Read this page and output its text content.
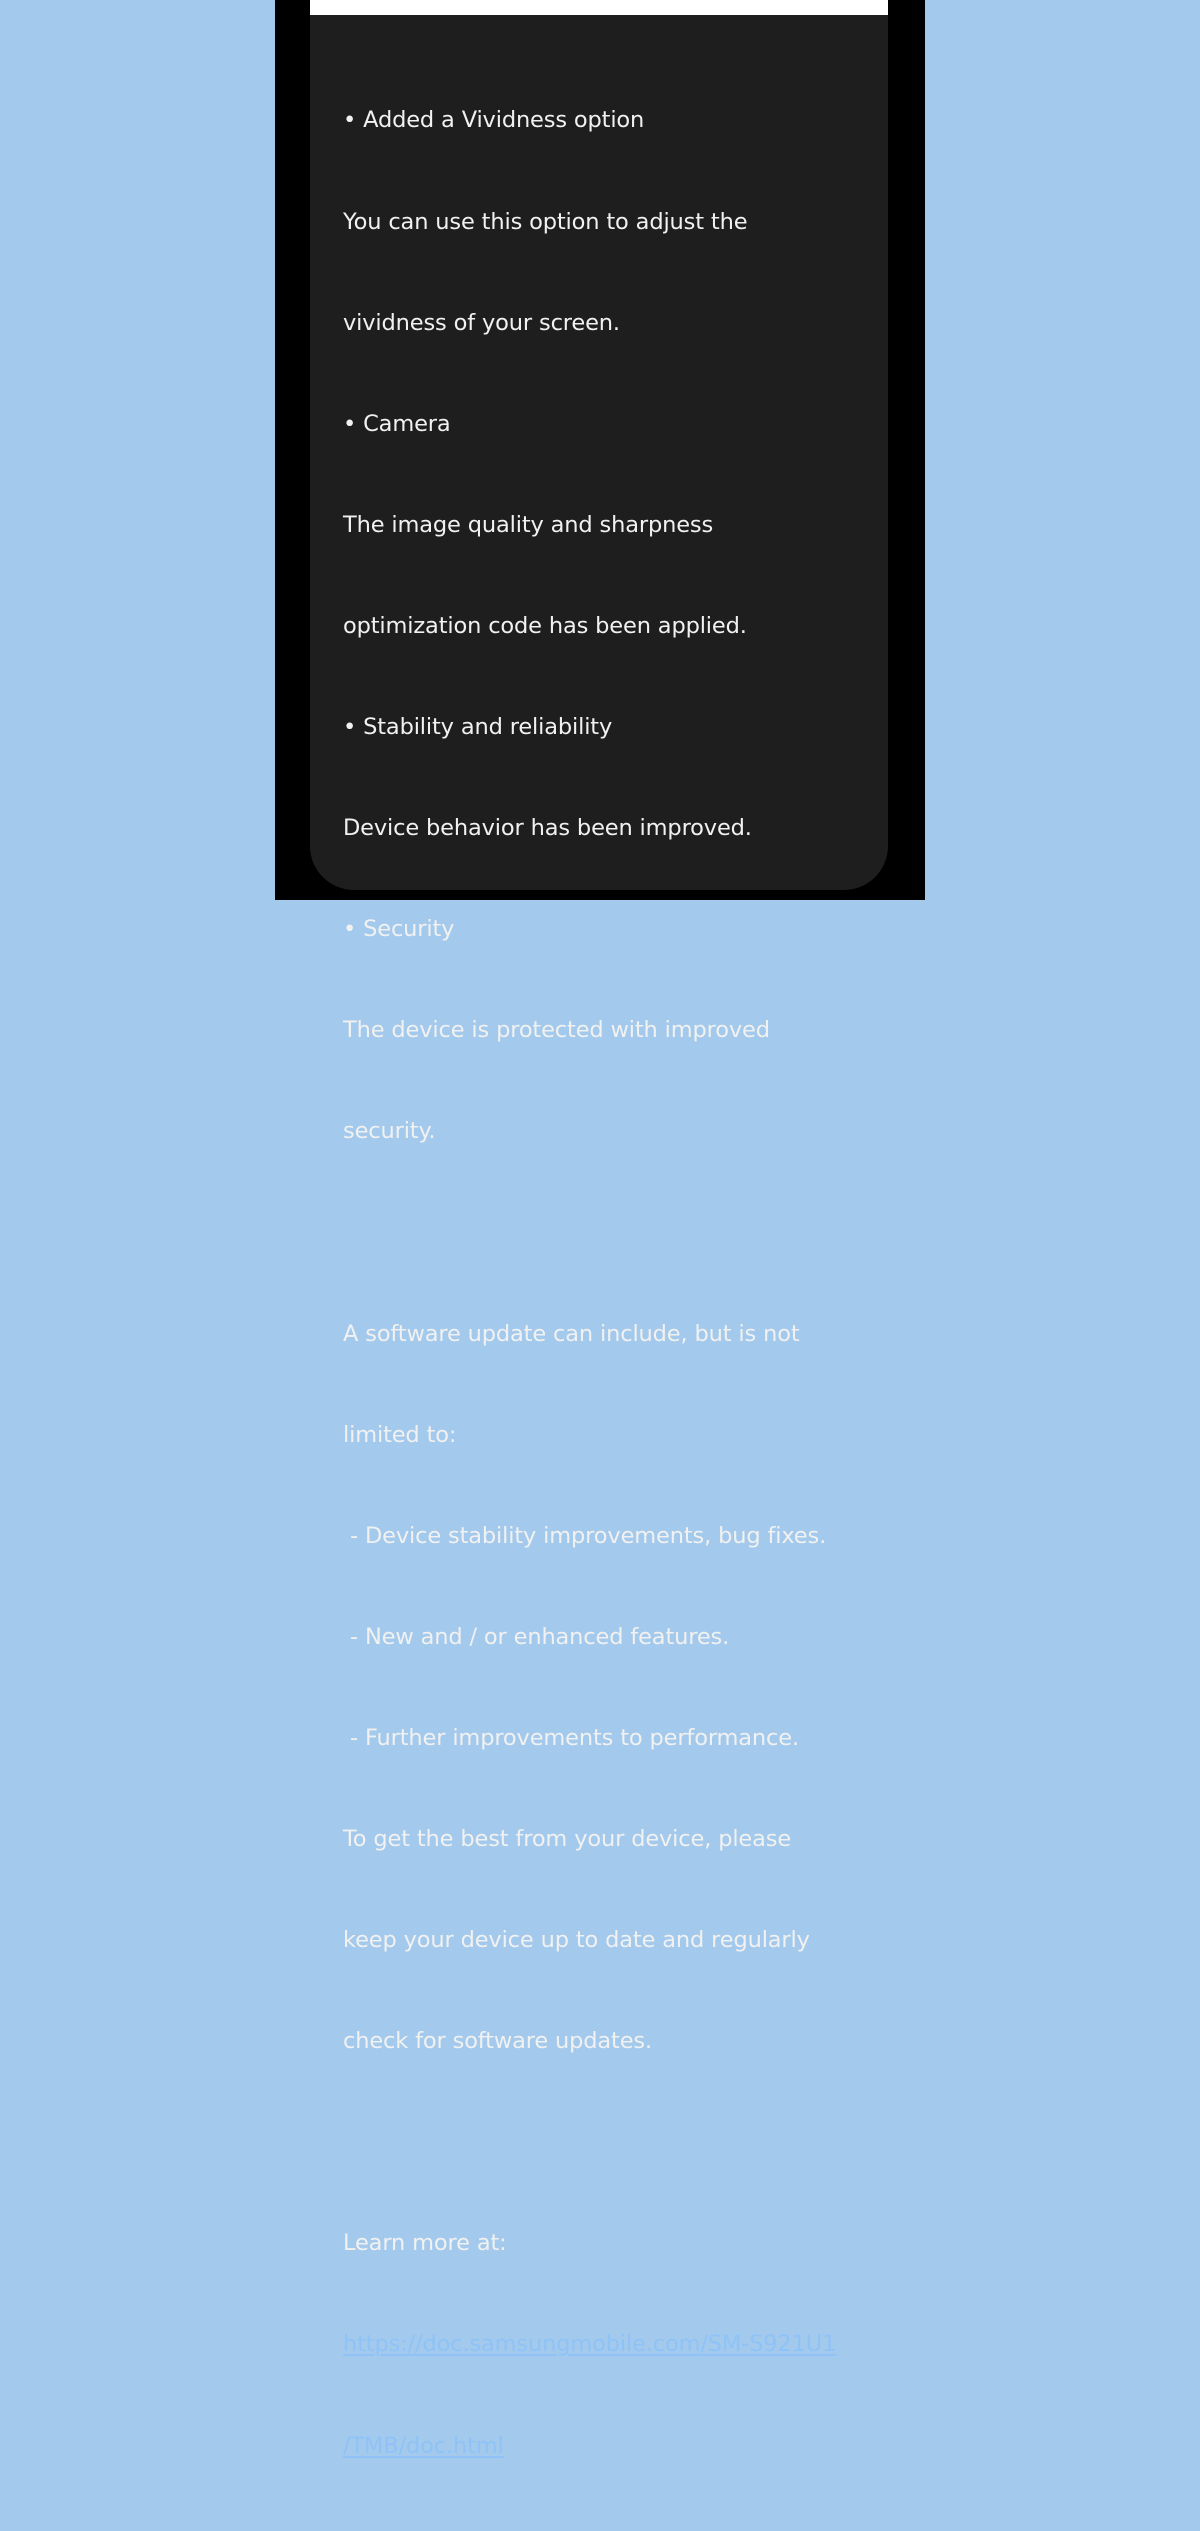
• Added a Vividness option

You can use this option to adjust the

vividness of your screen.

• Camera

The image quality and sharpness

optimization code has been applied.

• Stability and reliability

Device behavior has been improved.

• Security

The device is protected with improved

security.

A software update can include, but is not

limited to:

- Device stability improvements, bug fixes.

- New and / or enhanced features.

- Further improvements to performance.

To get the best from your device, please

keep your device up to date and regularly

check for software updates.

Learn more at:

https://doc.samsungmobile.com/SM-S921U1

/TMB/doc.html
